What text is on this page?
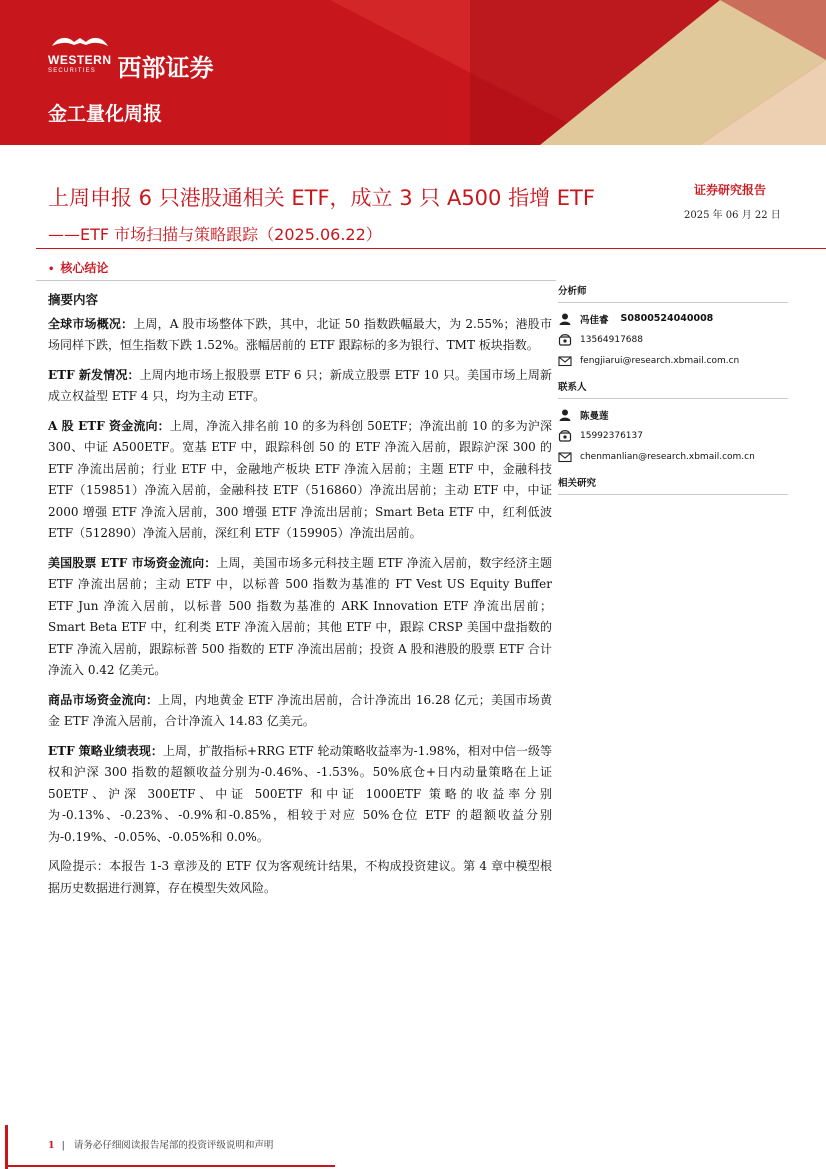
WESTERN
SECURITIES 西部证券
金工量化周报
上周申报 6 只港股通相关 ETF，成立 3 只 A500 指增 ETF
——ETF 市场扫描与策略跟踪（2025.06.22）
证券研究报告
2025 年 06 月 22 日
• 核心结论
摘要内容

全球市场概况：上周，A 股市场整体下跌，其中，北证 50 指数跌幅最大，为 2.55%；港股市场同样下跌，恒生指数下跌 1.52%。涨幅居前的 ETF 跟踪标的多为银行、TMT 板块指数。

ETF 新发情况：上周内地市场上报股票 ETF 6 只；新成立股票 ETF 10 只。美国市场上周新成立权益型 ETF 4 只，均为主动 ETF。

A 股 ETF 资金流向：上周，净流入排名前 10 的多为科创 50ETF；净流出前 10 的多为沪深 300、中证 A500ETF。宽基 ETF 中，跟踪科创 50 的 ETF 净流入居前，跟踪沪深 300 的 ETF 净流出居前；行业 ETF 中，金融地产板块 ETF 净流入居前；主题 ETF 中，金融科技 ETF（159851）净流入居前，金融科技 ETF（516860）净流出居前；主动 ETF 中，中证 2000 增强 ETF 净流入居前，300 增强 ETF 净流出居前；Smart Beta ETF 中，红利低波 ETF（512890）净流入居前，深红利 ETF（159905）净流出居前。

美国股票 ETF 市场资金流向：上周，美国市场多元科技主题 ETF 净流入居前，数字经济主题 ETF 净流出居前；主动 ETF 中，以标普 500 指数为基准的 FT Vest US Equity Buffer ETF Jun 净流入居前，以标普 500 指数为基准的 ARK Innovation ETF 净流出居前；Smart Beta ETF 中，红利类 ETF 净流入居前；其他 ETF 中，跟踪 CRSP 美国中盘指数的 ETF 净流入居前，跟踪标普 500 指数的 ETF 净流出居前；投资 A 股和港股的股票 ETF 合计净流入 0.42 亿美元。

商品市场资金流向：上周，内地黄金 ETF 净流出居前，合计净流出 16.28 亿元；美国市场黄金 ETF 净流入居前，合计净流入 14.83 亿美元。

ETF 策略业绩表现：上周，扩散指标+RRG ETF 轮动策略收益率为-1.98%，相对中信一级等权和沪深 300 指数的超额收益分别为-0.46%、-1.53%。50%底仓+日内动量策略在上证 50ETF、沪深 300ETF、中证 500ETF 和中证 1000ETF 策略的收益率分别为-0.13%、-0.23%、-0.9%和-0.85%，相较于对应 50%仓位 ETF 的超额收益分别为-0.19%、-0.05%、-0.05%和 0.0%。

风险提示：本报告 1-3 章涉及的 ETF 仅为客观统计结果，不构成投资建议。第 4 章中模型根据历史数据进行测算，存在模型失效风险。

分析师
冯佳睿 S0800524040008
13564917688
fengjiarui@research.xbmail.com.cn
联系人
陈曼莲
15992376137
chenmanlian@research.xbmail.com.cn
相关研究
1 | 请务必仔细阅读报告尾部的投资评级说明和声明
